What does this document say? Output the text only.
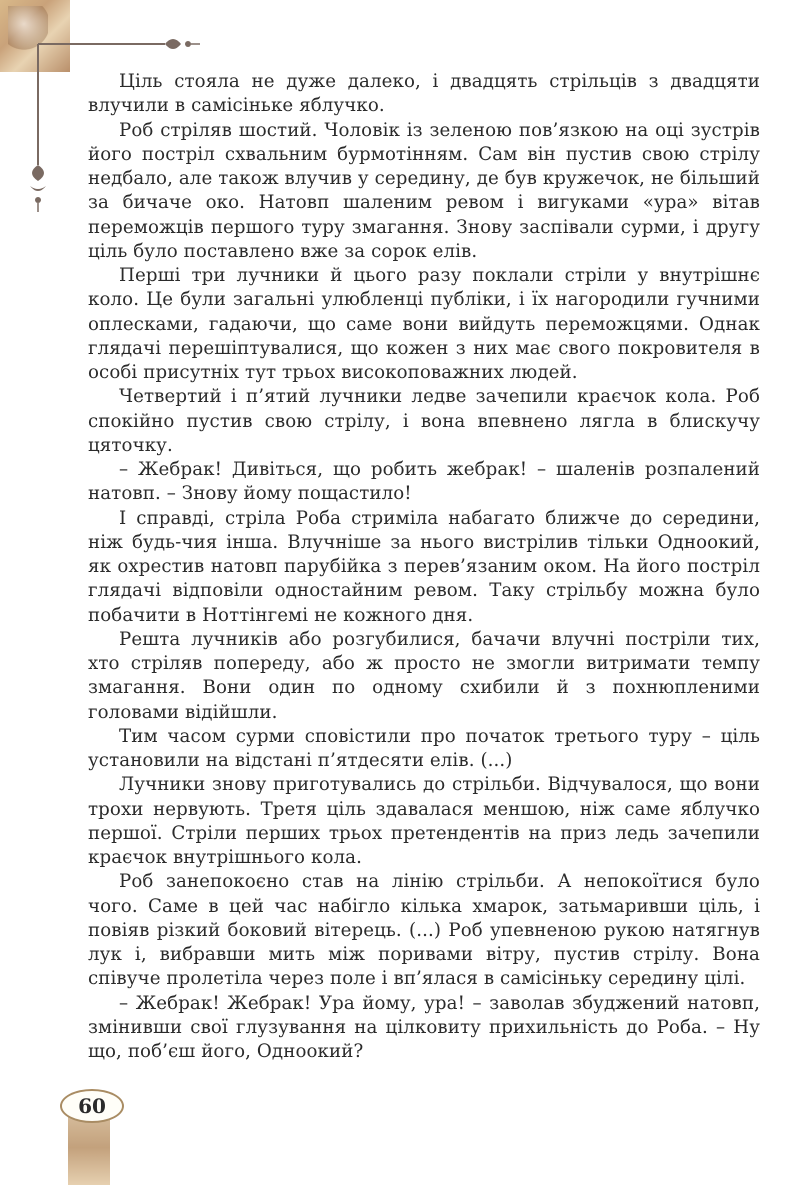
Ціль стояла не дуже далеко, і двадцять стрільців з двадцяти влучили в самісіньке яблучко.

Роб стріляв шостий. Чоловік із зеленою пов’язкою на оці зустрів його постріл схвальним бурмотінням. Сам він пустив свою стрілу недбало, але також влучив у середину, де був кружечок, не більший за бичаче око. Натовп шаленим ревом і вигуками «ура» вітав переможців першого туру змагання. Знову заспівали сурми, і другу ціль було поставлено вже за сорок елів.

Перші три лучники й цього разу поклали стріли у внутрішнє коло. Це були загальні улюбленці публіки, і їх нагородили гучними оплесками, гадаючи, що саме вони вийдуть переможцями. Однак глядачі перешіптувалися, що кожен з них має свого покровителя в особі присутніх тут трьох високоповажних людей.

Четвертий і п’ятий лучники ледве зачепили краєчок кола. Роб спокійно пустив свою стрілу, і вона впевнено лягла в блискучу цяточку.

– Жебрак! Дивіться, що робить жебрак! – шаленів розпалений натовп. – Знову йому пощастило!

І справді, стріла Роба стриміла набагато ближче до середини, ніж будь-чия інша. Влучніше за нього вистрілив тільки Одноокий, як охрестив натовп парубійка з перев’язаним оком. На його постріл глядачі відповіли одностайним ревом. Таку стрільбу можна було побачити в Ноттінгемі не кожного дня.

Решта лучників або розгубилися, бачачи влучні постріли тих, хто стріляв попереду, або ж просто не змогли витримати темпу змагання. Вони один по одному схибили й з похнюпленими головами відійшли.

Тим часом сурми сповістили про початок третього туру – ціль установили на відстані п’ятдесяти елів. (...)

Лучники знову приготувались до стрільби. Відчувалося, що вони трохи нервують. Третя ціль здавалася меншою, ніж саме яблучко першої. Стріли перших трьох претендентів на приз ледь зачепили краєчок внутрішнього кола.

Роб занепокоєно став на лінію стрільби. А непокоїтися було чого. Саме в цей час набігло кілька хмарок, затьмаривши ціль, і повіяв різкий боковий вітерець. (...) Роб упевненою рукою натягнув лук і, вибравши мить між поривами вітру, пустив стрілу. Вона співуче пролетіла через поле і вп’ялася в самісіньку середину цілі.

– Жебрак! Жебрак! Ура йому, ура! – заволав збуджений натовп, змінивши свої глузування на цілковиту прихильність до Роба. – Ну що, поб’єш його, Одноокий?

60
